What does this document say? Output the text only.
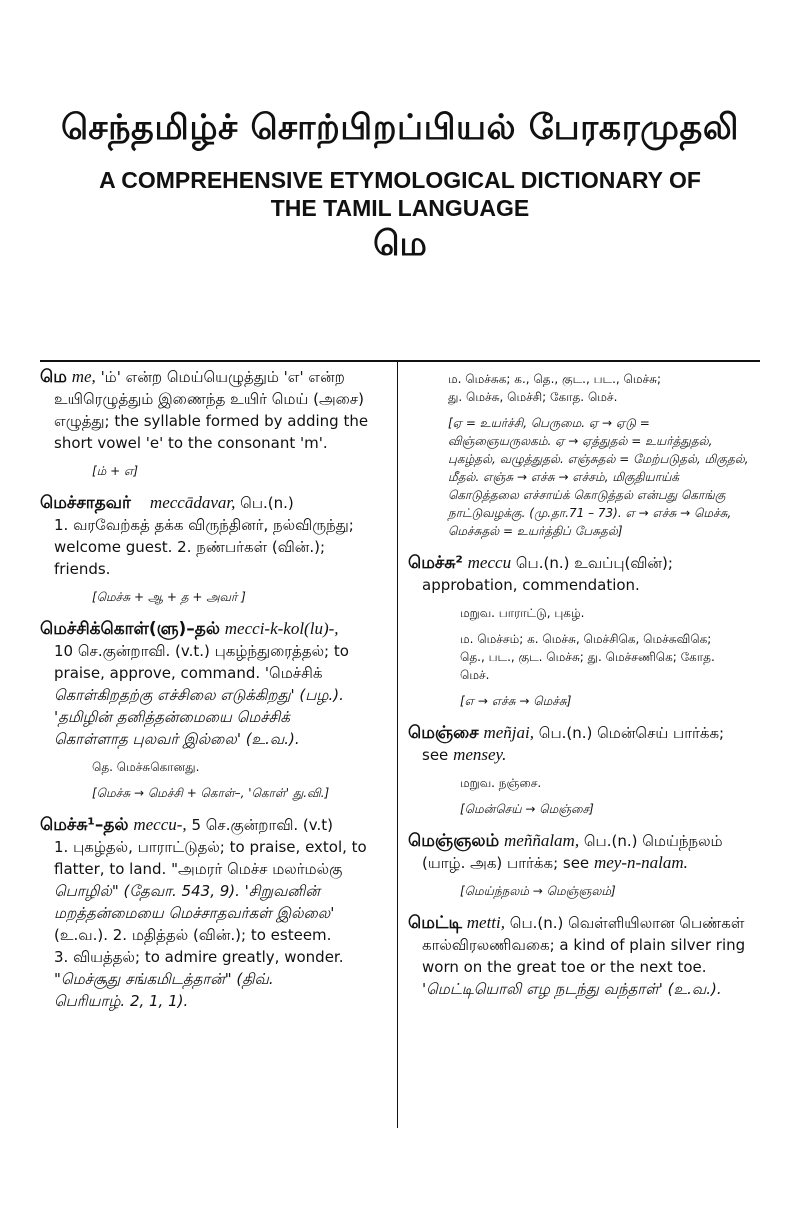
செந்தமிழ்ச் சொற்பிறப்பியல் பேரகரமுதலி
A COMPREHENSIVE ETYMOLOGICAL DICTIONARY OF
THE TAMIL LANGUAGE
மெ
மெ me, 'ம்' என்ற மெய்யெழுத்தும் 'எ' என்ற
உயிரெழுத்தும் இணைந்த உயிர் மெய் (அசை)
எழுத்து; the syllable formed by adding the
short vowel 'e' to the consonant 'm'.
[ம் + எ]
மெச்சாதவர் meccādavar, பெ.(n.)
1. வரவேற்கத் தக்க விருந்தினர், நல்விருந்து;
welcome guest. 2. நண்பர்கள் (வின்.);
friends.
[மெச்சு + ஆ + த + அவர் ]
மெச்சிக்கொள்(ளு)–தல் mecci-k-kol(lu)-,
10 செ.குன்றாவி. (v.t.) புகழ்ந்துரைத்தல்; to
praise, approve, command. 'மெச்சிக்
கொள்கிறதற்கு எச்சிலை எடுக்கிறது' (பழ.).
'தமிழின் தனித்தன்மையை மெச்சிக்
கொள்ளாத புலவர் இல்லை' (உ.வ.).
தெ. மெச்சுகொனது.
[மெச்சு → மெச்சி + கொள்–, 'கொள்' து.வி.]
மெச்சு¹–தல் meccu-, 5 செ.குன்றாவி. (v.t)
1. புகழ்தல், பாராட்டுதல்; to praise, extol, to
flatter, to land. "அமரர் மெச்ச மலர்மல்கு
பொழில்" (தேவா. 543, 9). 'சிறுவனின்
மறத்தன்மையை மெச்சாதவர்கள் இல்லை'
(உ.வ.). 2. மதித்தல் (வின்.); to esteem.
3. வியத்தல்; to admire greatly, wonder.
"மெச்சூது சங்கமிடத்தான்" (திவ்.
பெரியாழ். 2, 1, 1).
ம. மெச்சுக; க., தெ., குட., பட., மெச்சு;
து. மெச்சு, மெச்சி; கோத. மெச்.
[ஏ = உயர்ச்சி, பெருமை. ஏ → ஏடு =
விஞ்ஞையருலகம். ஏ → ஏத்துதல் = உயர்த்துதல்,
புகழ்தல், வழுத்துதல். எஞ்சுதல் = மேற்படுதல், மிகுதல்,
மீதல். எஞ்சு → எச்சு → எச்சம், மிகுதியாய்க்
கொடுத்தலை எச்சாய்க் கொடுத்தல் என்பது கொங்கு
நாட்டுவழக்கு. (மு.தா.71 – 73). எ → எச்சு → மெச்சு,
மெச்சுதல் = உயர்த்திப் பேசுதல்]
மெச்சு² meccu பெ.(n.) உவப்பு(வின்);
approbation, commendation.
மறுவ. பாராட்டு, புகழ்.
ம. மெச்சம்; க. மெச்சு, மெச்சிகெ, மெச்சுவிகெ;
தெ., பட., குட. மெச்சு; து. மெச்சணிகெ; கோத.
மெச்.
[எ → எச்சு → மெச்சு]
மெஞ்சை meñjai, பெ.(n.) மென்செய் பார்க்க;
see mensey.
மறுவ. நஞ்சை.
[மென்செய் → மெஞ்சை]
மெஞ்ஞலம் meññalam, பெ.(n.) மெய்ந்நலம்
(யாழ். அக) பார்க்க; see mey-n-nalam.
[மெய்ந்நலம் → மெஞ்ஞலம்]
மெட்டி metti, பெ.(n.) வெள்ளியிலான பெண்கள்
கால்விரலணிவகை; a kind of plain silver ring
worn on the great toe or the next toe.
'மெட்டியொலி எழ நடந்து வந்தாள்' (உ.வ.).
